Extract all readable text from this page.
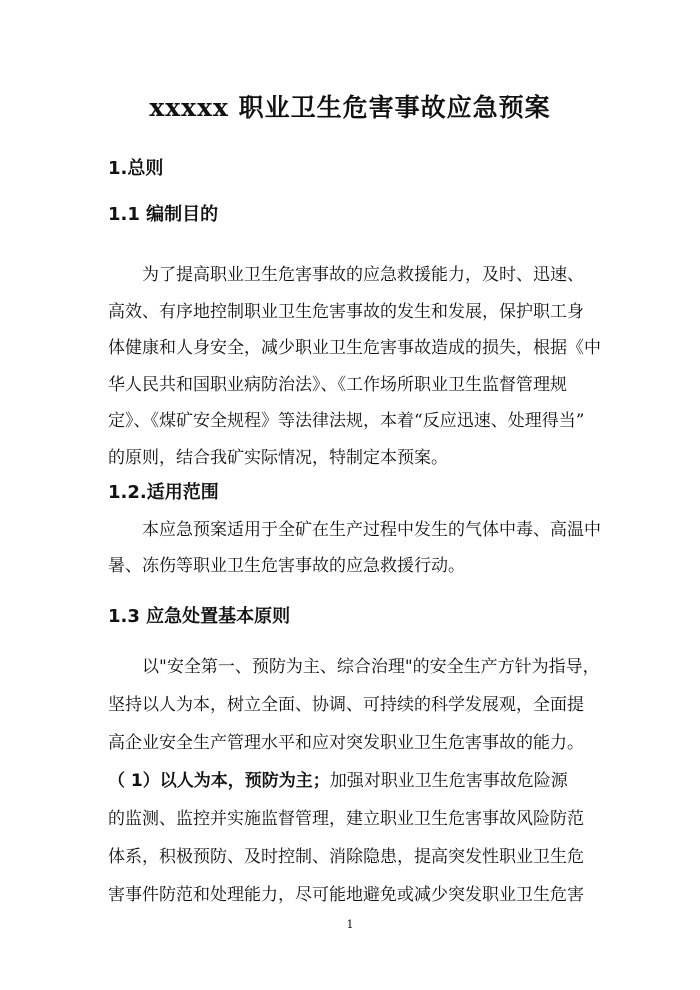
xxxxx 职业卫生危害事故应急预案
1.总则
1.1 编制目的
为了提高职业卫生危害事故的应急救援能力，及时、迅速、
高效、有序地控制职业卫生危害事故的发生和发展，保护职工身
体健康和人身安全，减少职业卫生危害事故造成的损失，根据《中
华人民共和国职业病防治法》、《工作场所职业卫生监督管理规
定》、《煤矿安全规程》等法律法规，本着“反应迅速、处理得当”
的原则，结合我矿实际情况，特制定本预案。
1.2.适用范围
本应急预案适用于全矿在生产过程中发生的气体中毒、高温中
暑、冻伤等职业卫生危害事故的应急救援行动。
1.3 应急处置基本原则
以"安全第一、预防为主、综合治理"的安全生产方针为指导，
坚持以人为本，树立全面、协调、可持续的科学发展观，全面提
高企业安全生产管理水平和应对突发职业卫生危害事故的能力。
（ 1）以人为本，预防为主；加强对职业卫生危害事故危险源
的监测、监控并实施监督管理，建立职业卫生危害事故风险防范
体系，积极预防、及时控制、消除隐患，提高突发性职业卫生危
害事件防范和处理能力，尽可能地避免或减少突发职业卫生危害
1
